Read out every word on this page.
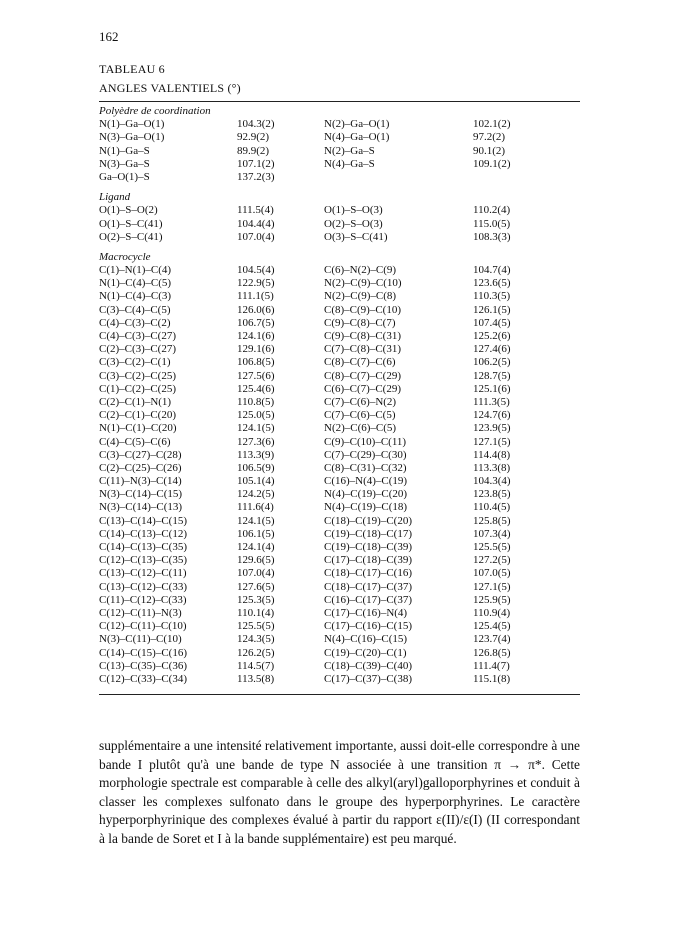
162
TABLEAU 6
ANGLES VALENTIELS (°)
Polyèdre de coordination
N(1)–Ga–O(1)	104.3(2)	N(2)–Ga–O(1)	102.1(2)
N(3)–Ga–O(1)	92.9(2)	N(4)–Ga–O(1)	97.2(2)
N(1)–Ga–S	89.9(2)	N(2)–Ga–S	90.1(2)
N(3)–Ga–S	107.1(2)	N(4)–Ga–S	109.1(2)
Ga–O(1)–S	137.2(3)
Ligand
O(1)–S–O(2)	111.5(4)	O(1)–S–O(3)	110.2(4)
O(1)–S–C(41)	104.4(4)	O(2)–S–O(3)	115.0(5)
O(2)–S–C(41)	107.0(4)	O(3)–S–C(41)	108.3(3)
Macrocycle
C(1)–N(1)–C(4)	104.5(4)	C(6)–N(2)–C(9)	104.7(4)
N(1)–C(4)–C(5)	122.9(5)	N(2)–C(9)–C(10)	123.6(5)
N(1)–C(4)–C(3)	111.1(5)	N(2)–C(9)–C(8)	110.3(5)
C(3)–C(4)–C(5)	126.0(6)	C(8)–C(9)–C(10)	126.1(5)
C(4)–C(3)–C(2)	106.7(5)	C(9)–C(8)–C(7)	107.4(5)
C(4)–C(3)–C(27)	124.1(6)	C(9)–C(8)–C(31)	125.2(6)
C(2)–C(3)–C(27)	129.1(6)	C(7)–C(8)–C(31)	127.4(6)
C(3)–C(2)–C(1)	106.8(5)	C(8)–C(7)–C(6)	106.2(5)
C(3)–C(2)–C(25)	127.5(6)	C(8)–C(7)–C(29)	128.7(5)
C(1)–C(2)–C(25)	125.4(6)	C(6)–C(7)–C(29)	125.1(6)
C(2)–C(1)–N(1)	110.8(5)	C(7)–C(6)–N(2)	111.3(5)
C(2)–C(1)–C(20)	125.0(5)	C(7)–C(6)–C(5)	124.7(6)
N(1)–C(1)–C(20)	124.1(5)	N(2)–C(6)–C(5)	123.9(5)
C(4)–C(5)–C(6)	127.3(6)	C(9)–C(10)–C(11)	127.1(5)
C(3)–C(27)–C(28)	113.3(9)	C(7)–C(29)–C(30)	114.4(8)
C(2)–C(25)–C(26)	106.5(9)	C(8)–C(31)–C(32)	113.3(8)
C(11)–N(3)–C(14)	105.1(4)	C(16)–N(4)–C(19)	104.3(4)
N(3)–C(14)–C(15)	124.2(5)	N(4)–C(19)–C(20)	123.8(5)
N(3)–C(14)–C(13)	111.6(4)	N(4)–C(19)–C(18)	110.4(5)
C(13)–C(14)–C(15)	124.1(5)	C(18)–C(19)–C(20)	125.8(5)
C(14)–C(13)–C(12)	106.1(5)	C(19)–C(18)–C(17)	107.3(4)
C(14)–C(13)–C(35)	124.1(4)	C(19)–C(18)–C(39)	125.5(5)
C(12)–C(13)–C(35)	129.6(5)	C(17)–C(18)–C(39)	127.2(5)
C(13)–C(12)–C(11)	107.0(4)	C(18)–C(17)–C(16)	107.0(5)
C(13)–C(12)–C(33)	127.6(5)	C(18)–C(17)–C(37)	127.1(5)
C(11)–C(12)–C(33)	125.3(5)	C(16)–C(17)–C(37)	125.9(5)
C(12)–C(11)–N(3)	110.1(4)	C(17)–C(16)–N(4)	110.9(4)
C(12)–C(11)–C(10)	125.5(5)	C(17)–C(16)–C(15)	125.4(5)
N(3)–C(11)–C(10)	124.3(5)	N(4)–C(16)–C(15)	123.7(4)
C(14)–C(15)–C(16)	126.2(5)	C(19)–C(20)–C(1)	126.8(5)
C(13)–C(35)–C(36)	114.5(7)	C(18)–C(39)–C(40)	111.4(7)
C(12)–C(33)–C(34)	113.5(8)	C(17)–C(37)–C(38)	115.1(8)

supplémentaire a une intensité relativement importante, aussi doit-elle correspondre à une bande I plutôt qu'à une bande de type N associée à une transition π → π*. Cette morphologie spectrale est comparable à celle des alkyl(aryl)galloporphyrines et conduit à classer les complexes sulfonato dans le groupe des hyperporphyrines. Le caractère hyperporphyrinique des complexes évalué à partir du rapport ε(II)/ε(I) (II correspondant à la bande de Soret et I à la bande supplémentaire) est peu marqué.
